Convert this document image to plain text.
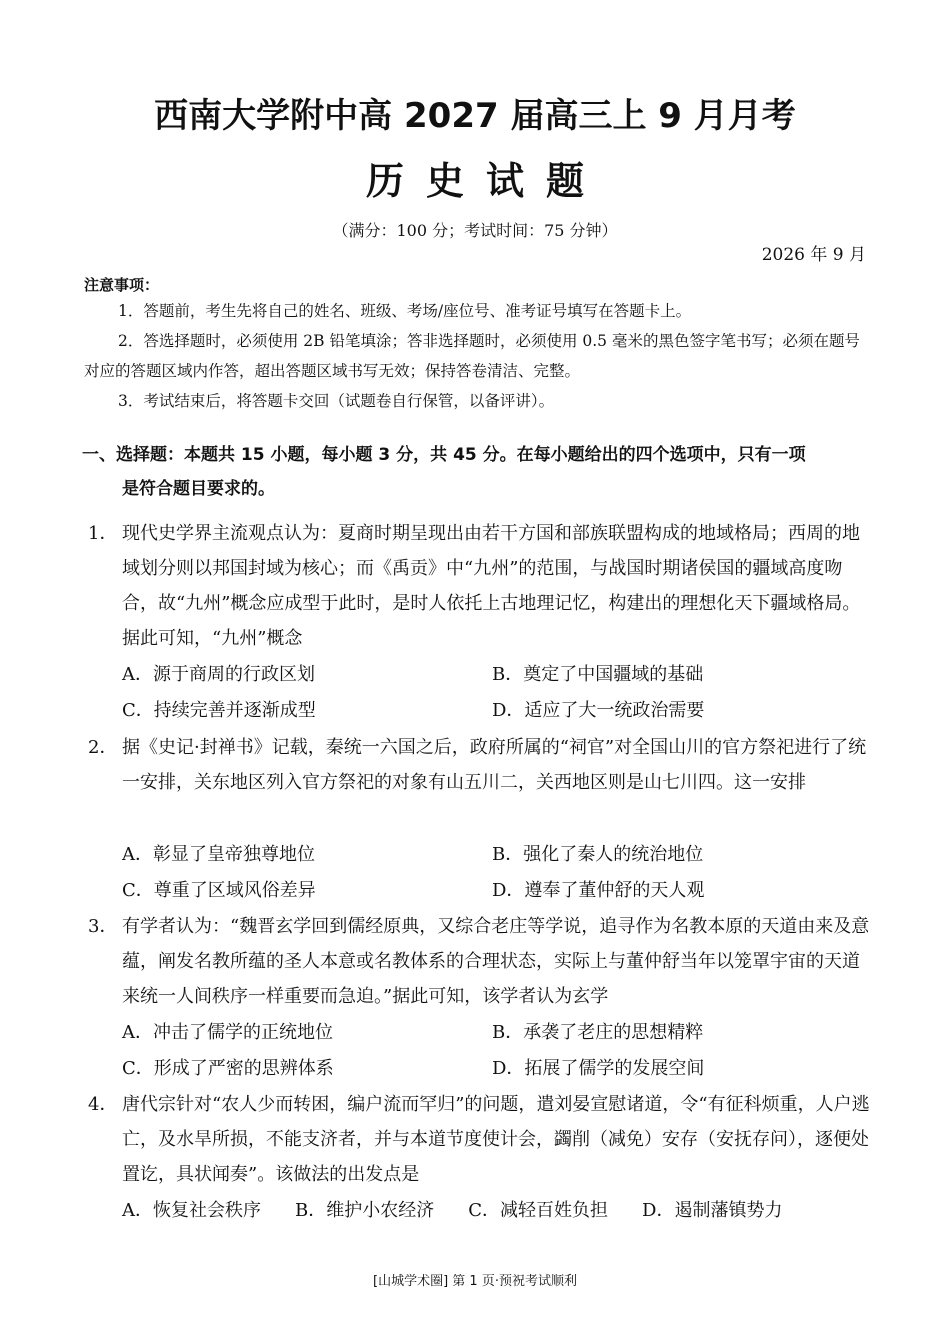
西南大学附中高 2027 届高三上 9 月月考
历史试题
（满分：100 分；考试时间：75 分钟）
2026 年 9 月
注意事项：
1．答题前，考生先将自己的姓名、班级、考场/座位号、准考证号填写在答题卡上。
2．答选择题时，必须使用 2B 铅笔填涂；答非选择题时，必须使用 0.5 毫米的黑色签字笔书写；必须在题号对应的答题区域内作答，超出答题区域书写无效；保持答卷清洁、完整。
3．考试结束后，将答题卡交回（试题卷自行保管，以备评讲）。
一、选择题：本题共 15 小题，每小题 3 分，共 45 分。在每小题给出的四个选项中，只有一项
是符合题目要求的。
1． 现代史学界主流观点认为：夏商时期呈现出由若干方国和部族联盟构成的地域格局；西周的地域划分则以邦国封域为核心；而《禹贡》中“九州”的范围，与战国时期诸侯国的疆域高度吻合，故“九州”概念应成型于此时，是时人依托上古地理记忆，构建出的理想化天下疆域格局。据此可知，“九州”概念
A．源于商周的行政区划	B．奠定了中国疆域的基础
C．持续完善并逐渐成型	D．适应了大一统政治需要
2． 据《史记·封禅书》记载，秦统一六国之后，政府所属的“祠官”对全国山川的官方祭祀进行了统一安排，关东地区列入官方祭祀的对象有山五川二，关西地区则是山七川四。这一安排
A．彰显了皇帝独尊地位	B．强化了秦人的统治地位
C．尊重了区域风俗差异	D．遵奉了董仲舒的天人观
3． 有学者认为：“魏晋玄学回到儒经原典，又综合老庄等学说，追寻作为名教本原的天道由来及意蕴，阐发名教所蕴的圣人本意或名教体系的合理状态，实际上与董仲舒当年以笼罩宇宙的天道来统一人间秩序一样重要而急迫。”据此可知，该学者认为玄学
A．冲击了儒学的正统地位	B．承袭了老庄的思想精粹
C．形成了严密的思辨体系	D．拓展了儒学的发展空间
4． 唐代宗针对“农人少而转困，编户流而罕归”的问题，遣刘晏宣慰诸道，令“有征科烦重，人户逃亡，及水旱所损，不能支济者，并与本道节度使计会，蠲削（减免）安存（安抚存问），逐便处置讫，具状闻奏”。该做法的出发点是
A．恢复社会秩序 B．维护小农经济 C．减轻百姓负担 D．遏制藩镇势力
[山城学术圈] 第 1 页·预祝考试顺利
